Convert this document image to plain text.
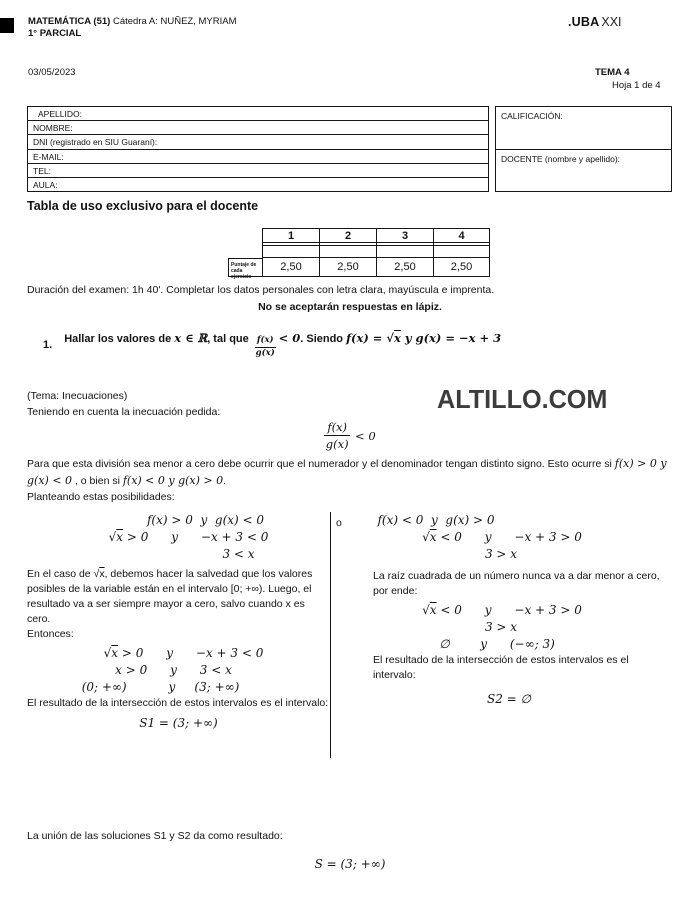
MATEMÁTICA (51) Cátedra A: NUÑEZ, MYRIAM
1° PARCIAL
.UBA XXI
03/05/2023	TEMA 4
Hoja 1 de 4
APELLIDO:
NOMBRE:
DNI (registrado en SIU Guaraní):
E-MAIL:
TEL:
AULA:
CALIFICACIÓN:
DOCENTE (nombre y apellido):
Tabla de uso exclusivo para el docente
1	2	3	4
Puntaje de cada ejercicio
2,50	2,50	2,50	2,50
Duración del examen: 1h 40'. Completar los datos personales con letra clara, mayúscula e imprenta.
No se aceptarán respuestas en lápiz.
1. Hallar los valores de x ∈ ℝ, tal que $\frac{f(x)}{g(x)} < 0$. Siendo f(x) = √x y g(x) = −x + 3
(Tema: Inecuaciones)
Teniendo en cuenta la inecuación pedida:	ALTILLO.COM
$\frac{f(x)}{g(x)} < 0$
Para que esta división sea menor a cero debe ocurrir que el numerador y el denominador tengan distinto signo. Esto ocurre si f(x) > 0 y g(x) < 0 , o bien si f(x) < 0 y g(x) > 0.
Planteando estas posibilidades:
f(x) > 0  y  g(x) < 0
√x > 0      y      −x + 3 < 0
3 < x
En el caso de √x, debemos hacer la salvedad que los valores posibles de la variable están en el intervalo [0; +∞). Luego, el resultado va a ser siempre mayor a cero, salvo cuando x es cero.
Entonces:
√x > 0      y      −x + 3 < 0
x > 0      y      3 < x
(0; +∞)           y     (3; +∞)
El resultado de la intersección de estos intervalos es el intervalo:
S1 = (3; +∞)
o	f(x) < 0  y  g(x) > 0
√x < 0      y      −x + 3 > 0
3 > x
La raíz cuadrada de un número nunca va a dar menor a cero, por ende:
√x < 0      y      −x + 3 > 0
3 > x
∅        y      (−∞; 3)
El resultado de la intersección de estos intervalos es el intervalo:
S2 = ∅
La unión de las soluciones S1 y S2 da como resultado:
S = (3; +∞)
